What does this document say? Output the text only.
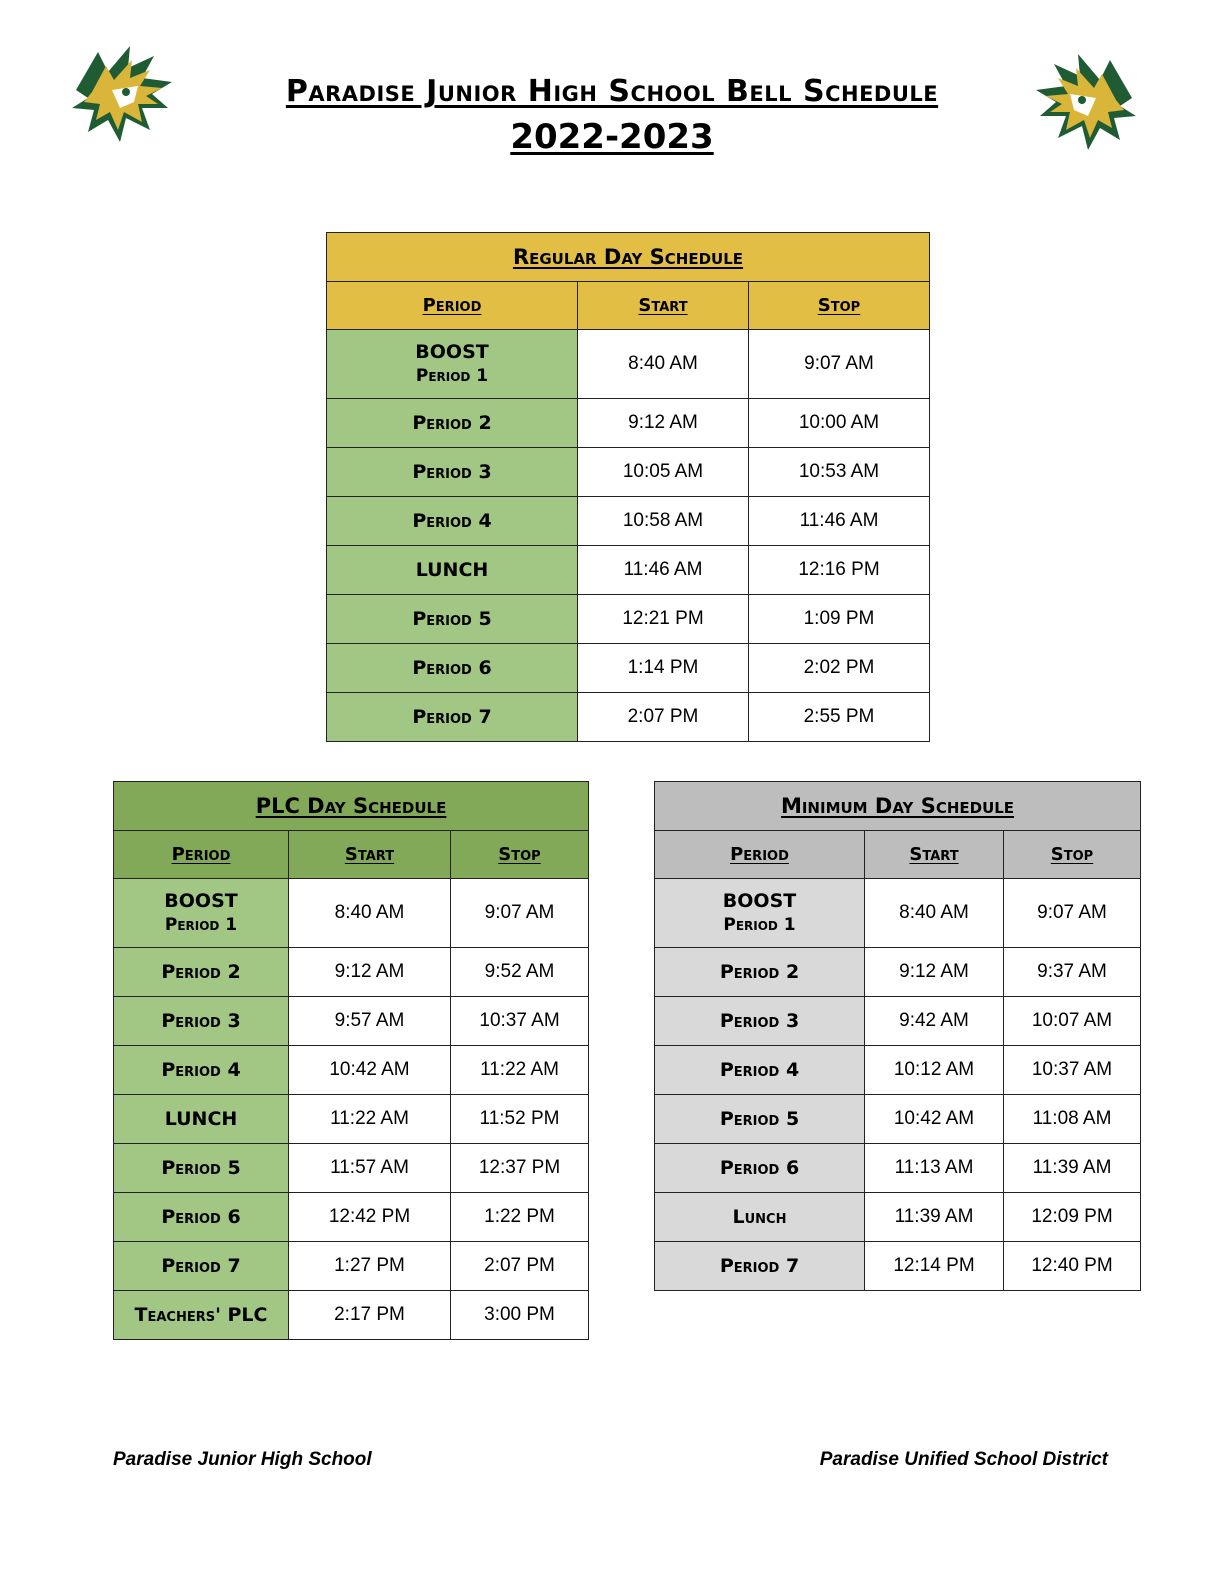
Paradise Junior High School Bell Schedule
2022-2023
Regular Day Schedule		
Period	Start	Stop
BOOST
Period 1	8:40 AM	9:07 AM
Period 2	9:12 AM	10:00 AM
Period 3	10:05 AM	10:53 AM
Period 4	10:58 AM	11:46 AM
LUNCH	11:46 AM	12:16 PM
Period 5	12:21 PM	1:09 PM
Period 6	1:14 PM	2:02 PM
Period 7	2:07 PM	2:55 PM
PLC Day Schedule		
Period	Start	Stop
BOOST
Period 1	8:40 AM	9:07 AM
Period 2	9:12 AM	9:52 AM
Period 3	9:57 AM	10:37 AM
Period 4	10:42 AM	11:22 AM
LUNCH	11:22 AM	11:52 PM
Period 5	11:57 AM	12:37 PM
Period 6	12:42 PM	1:22 PM
Period 7	1:27 PM	2:07 PM
Teachers' PLC	2:17 PM	3:00 PM
Minimum Day Schedule		
Period	Start	Stop
BOOST
Period 1	8:40 AM	9:07 AM
Period 2	9:12 AM	9:37 AM
Period 3	9:42 AM	10:07 AM
Period 4	10:12 AM	10:37 AM
Period 5	10:42 AM	11:08 AM
Period 6	11:13 AM	11:39 AM
Lunch	11:39 AM	12:09 PM
Period 7	12:14 PM	12:40 PM
Paradise Junior High School	Paradise Unified School District
